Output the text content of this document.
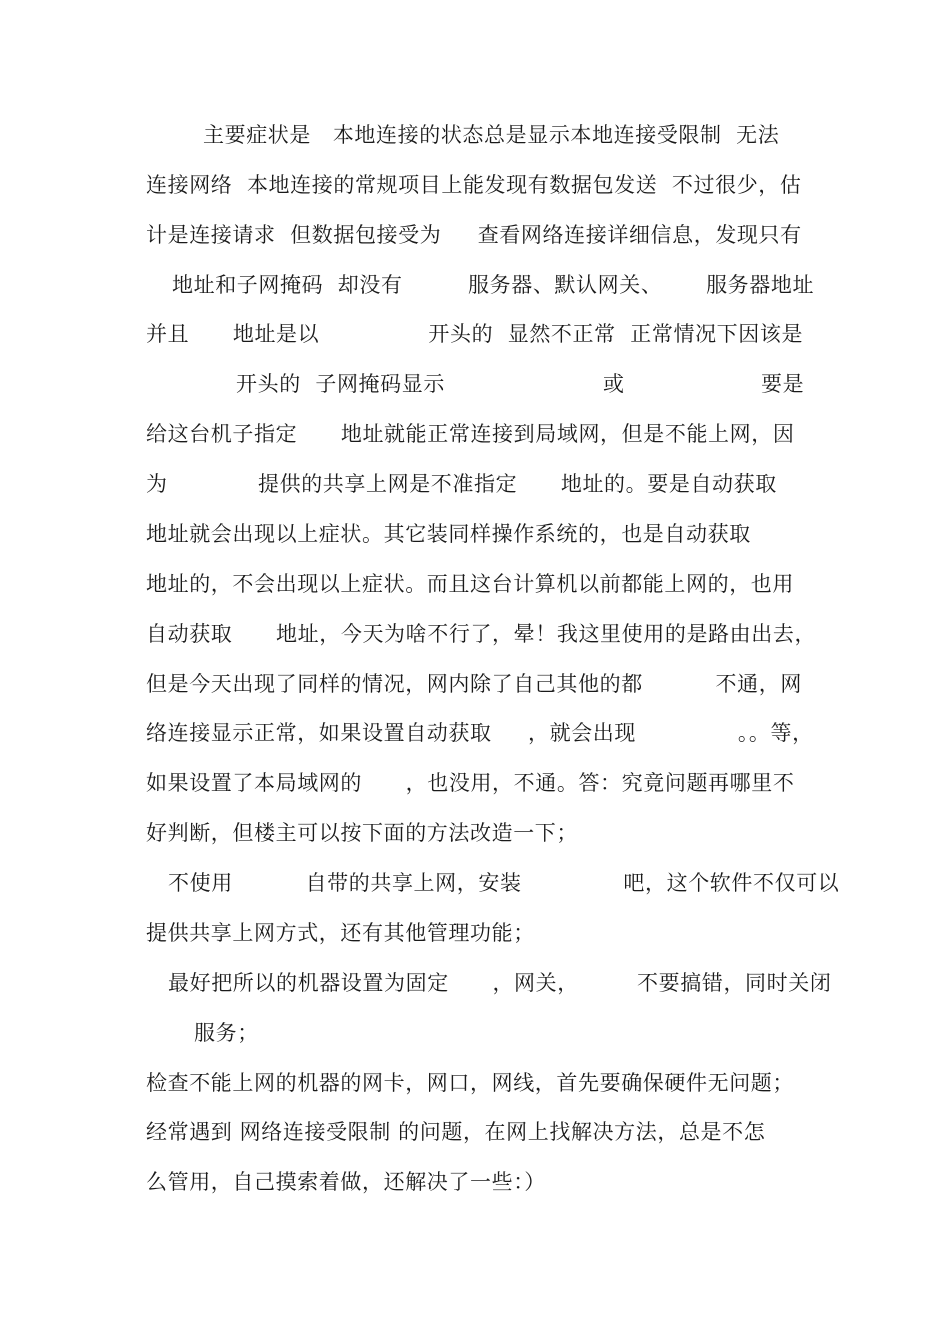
主要症状是   本地连接的状态总是显示本地连接受限制  无法
连接网络  本地连接的常规项目上能发现有数据包发送  不过很少，估
计是连接请求  但数据包接受为     查看网络连接详细信息，发现只有
地址和子网掩码  却没有         服务器、默认网关、      服务器地址
并且      地址是以               开头的  显然不正常  正常情况下因该是
开头的  子网掩码显示	或	要是
给这台机子指定      地址就能正常连接到局域网，但是不能上网，因
为	提供的共享上网是不准指定      地址的。要是自动获取
地址就会出现以上症状。其它装同样操作系统的，也是自动获取
地址的，不会出现以上症状。而且这台计算机以前都能上网的，也用
自动获取      地址，今天为啥不行了，晕！我这里使用的是路由出去，
但是今天出现了同样的情况，网内除了自己其他的都          不通，网
络连接显示正常，如果设置自动获取     ，就会出现              。。等，
如果设置了本局域网的      ，也没用，不通。答：究竟问题再哪里不
好判断，但楼主可以按下面的方法改造一下；
不使用          自带的共享上网，安装              吧，这个软件不仅可以
提供共享上网方式，还有其他管理功能；
最好把所以的机器设置为固定      ，网关，        不要搞错，同时关闭
服务；
检查不能上网的机器的网卡，网口，网线，首先要确保硬件无问题；
经常遇到 网络连接受限制 的问题，在网上找解决方法，总是不怎
么管用，自己摸索着做，还解决了一些：）
